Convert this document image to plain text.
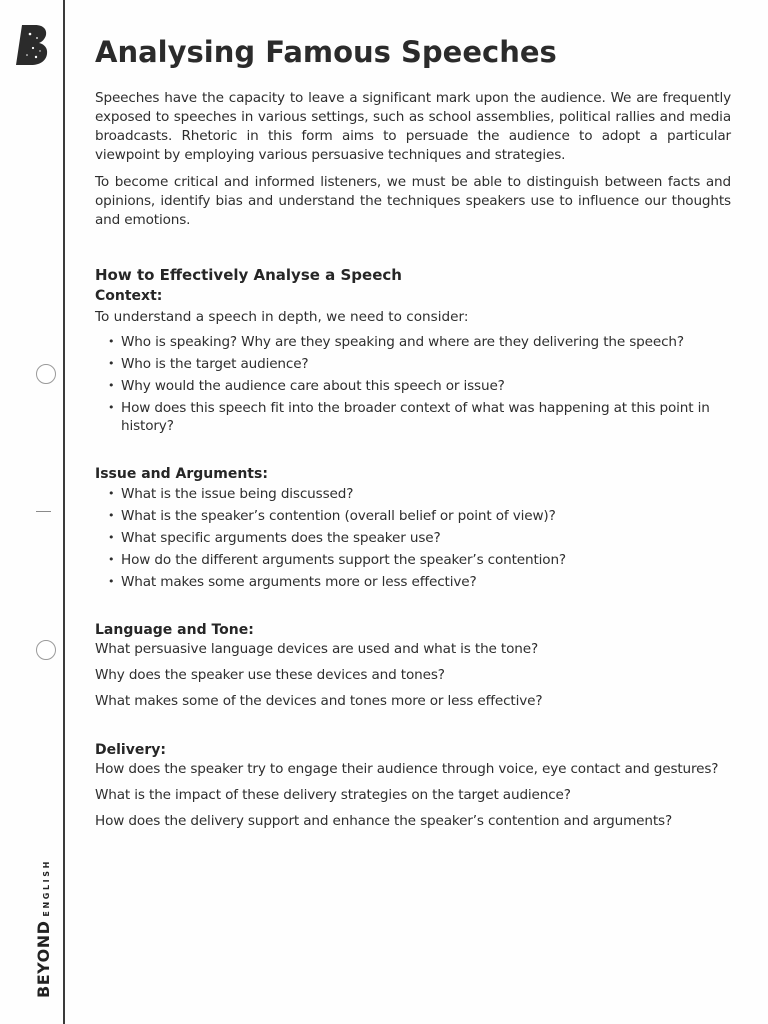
BEYOND
ENGLISH
Analysing Famous Speeches

Speeches have the capacity to leave a significant mark upon the audience. We are frequently exposed to speeches in various settings, such as school assemblies, political rallies and media broadcasts. Rhetoric in this form aims to persuade the audience to adopt a particular viewpoint by employing various persuasive techniques and strategies.

To become critical and informed listeners, we must be able to distinguish between facts and opinions, identify bias and understand the techniques speakers use to influence our thoughts and emotions.

How to Effectively Analyse a Speech
Context:

To understand a speech in depth, we need to consider:

• Who is speaking? Why are they speaking and where are they delivering the speech?
• Who is the target audience?
• Why would the audience care about this speech or issue?
• How does this speech fit into the broader context of what was happening at this point in history?
Issue and Arguments:
• What is the issue being discussed?
• What is the speaker’s contention (overall belief or point of view)?
• What specific arguments does the speaker use?
• How do the different arguments support the speaker’s contention?
• What makes some arguments more or less effective?
Language and Tone:

What persuasive language devices are used and what is the tone?

Why does the speaker use these devices and tones?

What makes some of the devices and tones more or less effective?

Delivery:

How does the speaker try to engage their audience through voice, eye contact and gestures?

What is the impact of these delivery strategies on the target audience?

How does the delivery support and enhance the speaker’s contention and arguments?
